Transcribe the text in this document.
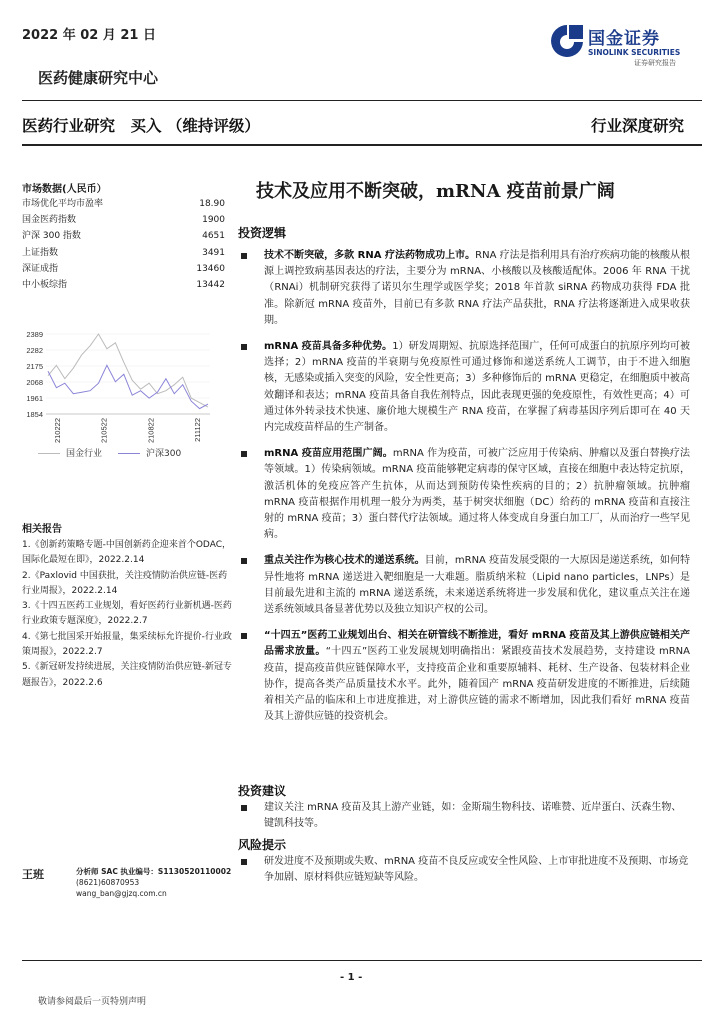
2022 年 02 月 21 日	国金证券
SINOLINK SECURITIES
证券研究报告
医药健康研究中心
医药行业研究　买入 （维持评级）	行业深度研究
市场数据(人民币）
市场优化平均市盈率	18.90
国金医药指数	1900
沪深 300 指数	4651
上证指数	3491
深证成指	13460
中小板综指	13442
2389
2282
2175
2068
1961
1854
210222	210522	210822	211122
国金行业	沪深300
相关报告
1.《创新药策略专题-中国创新药企迎来首个ODAC，国际化最短在即》，2022.2.14
2.《Paxlovid 中国获批，关注疫情防治供应链-医药行业周报》，2022.2.14
3.《十四五医药工业规划，看好医药行业新机遇-医药行业政策专题深度》，2022.2.7
4.《第七批国采开始报量，集采续标允许提价-行业政策周报》，2022.2.7
5.《新冠研发持续进展，关注疫情防治供应链-新冠专题报告》，2022.2.6
技术及应用不断突破，mRNA 疫苗前景广阔
投资逻辑
技术不断突破，多款 RNA 疗法药物成功上市。RNA 疗法是指利用具有治疗疾病功能的核酸从根源上调控致病基因表达的疗法，主要分为 mRNA、小核酸以及核酸适配体。2006 年 RNA 干扰（RNAi）机制研究获得了诺贝尔生理学或医学奖；2018 年首款 siRNA 药物成功获得 FDA 批准。除新冠 mRNA 疫苗外，目前已有多款 RNA 疗法产品获批，RNA 疗法将逐渐进入成果收获期。
mRNA 疫苗具备多种优势。1）研发周期短、抗原选择范围广，任何可成蛋白的抗原序列均可被选择；2）mRNA 疫苗的半衰期与免疫原性可通过修饰和递送系统人工调节，由于不进入细胞核，无感染或插入突变的风险，安全性更高；3）多种修饰后的 mRNA 更稳定，在细胞质中被高效翻译和表达；mRNA 疫苗具备自我佐剂特点，因此表现更强的免疫原性，有效性更高；4）可通过体外转录技术快速、廉价地大规模生产 RNA 疫苗，在掌握了病毒基因序列后即可在 40 天内完成疫苗样品的生产制备。
mRNA 疫苗应用范围广阔。mRNA 作为疫苗，可被广泛应用于传染病、肿瘤以及蛋白替换疗法等领域。1）传染病领域。mRNA 疫苗能够靶定病毒的保守区域，直接在细胞中表达特定抗原，激活机体的免疫应答产生抗体，从而达到预防传染性疾病的目的；2）抗肿瘤领域。抗肿瘤 mRNA 疫苗根据作用机理一般分为两类，基于树突状细胞（DC）给药的 mRNA 疫苗和直接注射的 mRNA 疫苗；3）蛋白替代疗法领域。通过将人体变成自身蛋白加工厂，从而治疗一些罕见病。
重点关注作为核心技术的递送系统。目前，mRNA 疫苗发展受限的一大原因是递送系统，如何特异性地将 mRNA 递送进入靶细胞是一大难题。脂质纳米粒（Lipid nano particles，LNPs）是目前最先进和主流的 mRNA 递送系统，未来递送系统将进一步发展和优化，建议重点关注在递送系统领域具备显著优势以及独立知识产权的公司。
“十四五”医药工业规划出台、相关在研管线不断推进，看好 mRNA 疫苗及其上游供应链相关产品需求放量。“十四五”医药工业发展规划明确指出：紧跟疫苗技术发展趋势，支持建设 mRNA 疫苗，提高疫苗供应链保障水平，支持疫苗企业和重要原辅料、耗材、生产设备、包装材料企业协作，提高各类产品质量技术水平。此外，随着国产 mRNA 疫苗研发进度的不断推进，后续随着相关产品的临床和上市进度推进，对上游供应链的需求不断增加，因此我们看好 mRNA 疫苗及其上游供应链的投资机会。
投资建议
建议关注 mRNA 疫苗及其上游产业链，如：金斯瑞生物科技、诺唯赞、近岸蛋白、沃森生物、键凯科技等。
风险提示
研发进度不及预期或失败、mRNA 疫苗不良反应或安全性风险、上市审批进度不及预期、市场竞争加剧、原材料供应链短缺等风险。
王班	分析师 SAC 执业编号：S1130520110002
(8621)60870953
wang_ban@gjzq.com.cn
- 1 -
敬请参阅最后一页特别声明
